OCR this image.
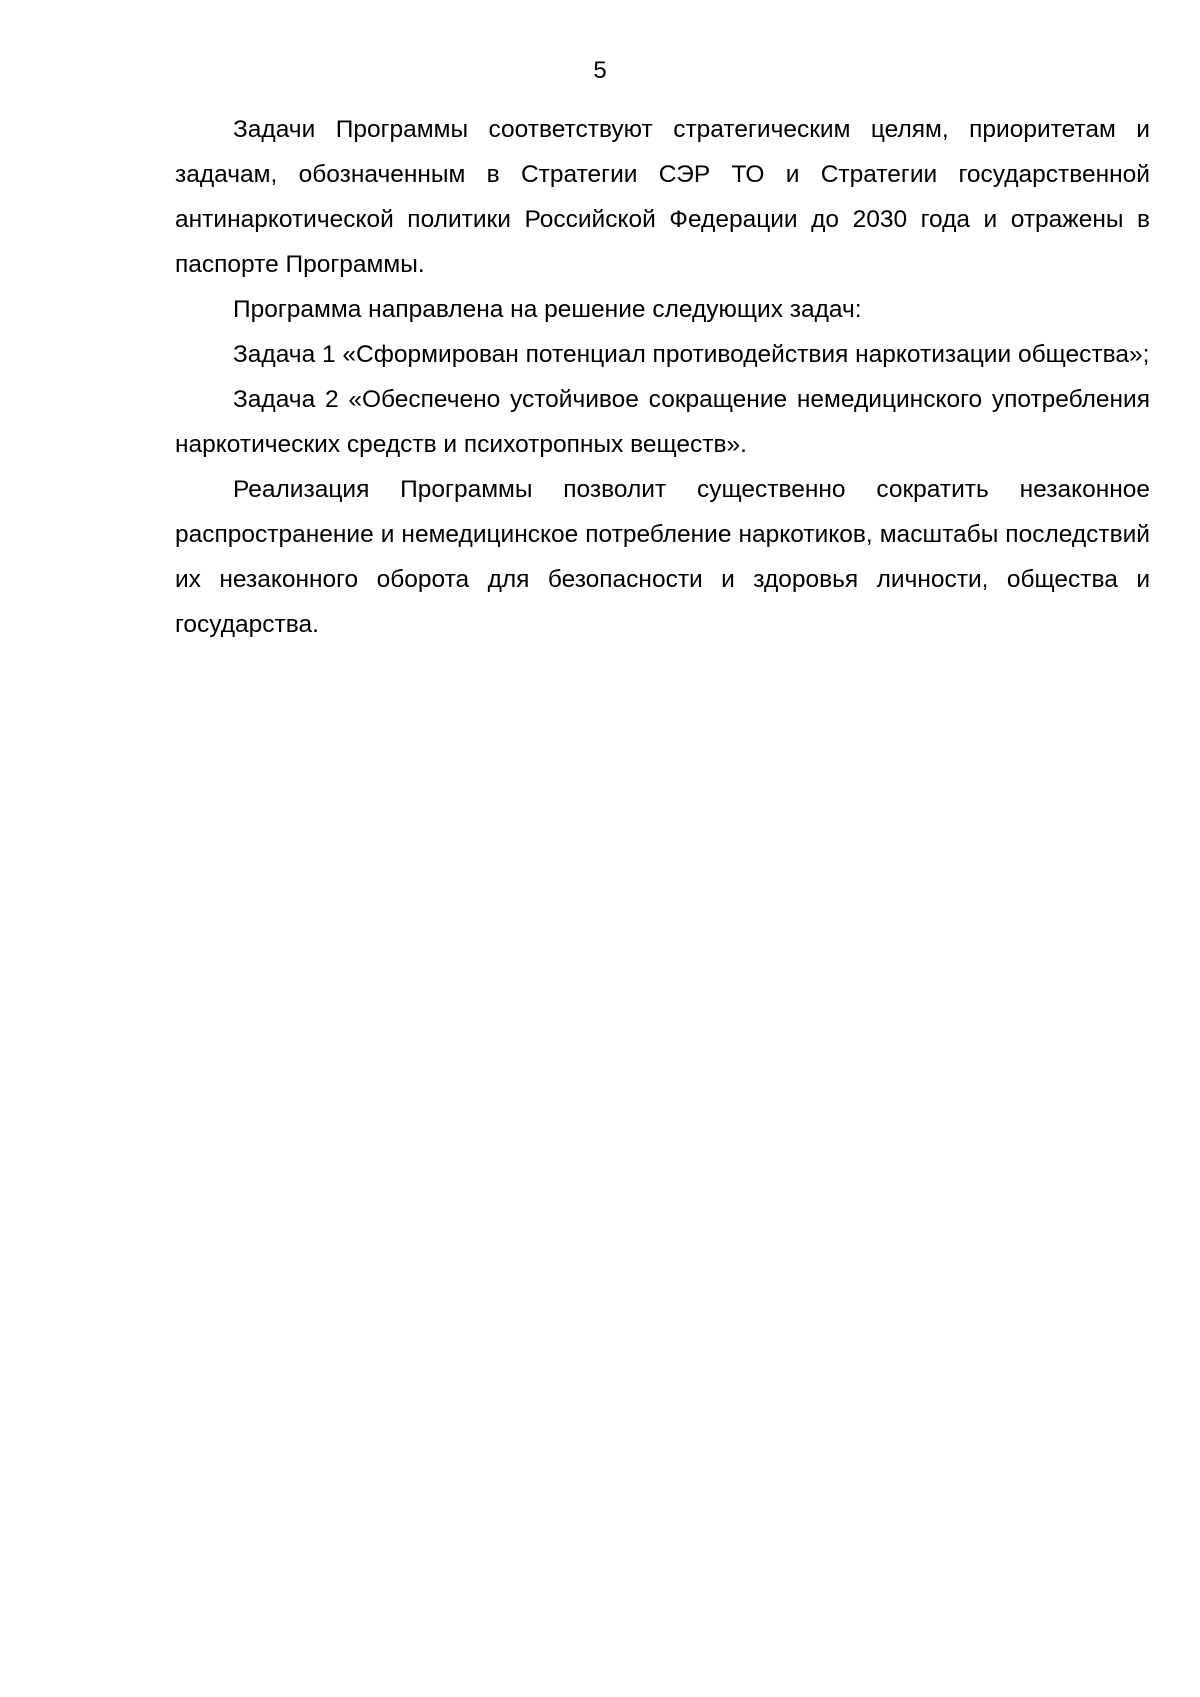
5

Задачи Программы соответствуют стратегическим целям, приоритетам и задачам, обозначенным в Стратегии СЭР ТО и Стратегии государственной антинаркотической политики Российской Федерации до 2030 года и отражены в паспорте Программы.

Программа направлена на решение следующих задач:

Задача 1 «Сформирован потенциал противодействия наркотизации общества»;

Задача 2 «Обеспечено устойчивое сокращение немедицинского употребления наркотических средств и психотропных веществ».

Реализация Программы позволит существенно сократить незаконное распространение и немедицинское потребление наркотиков, масштабы последствий их незаконного оборота для безопасности и здоровья личности, общества и государства.
